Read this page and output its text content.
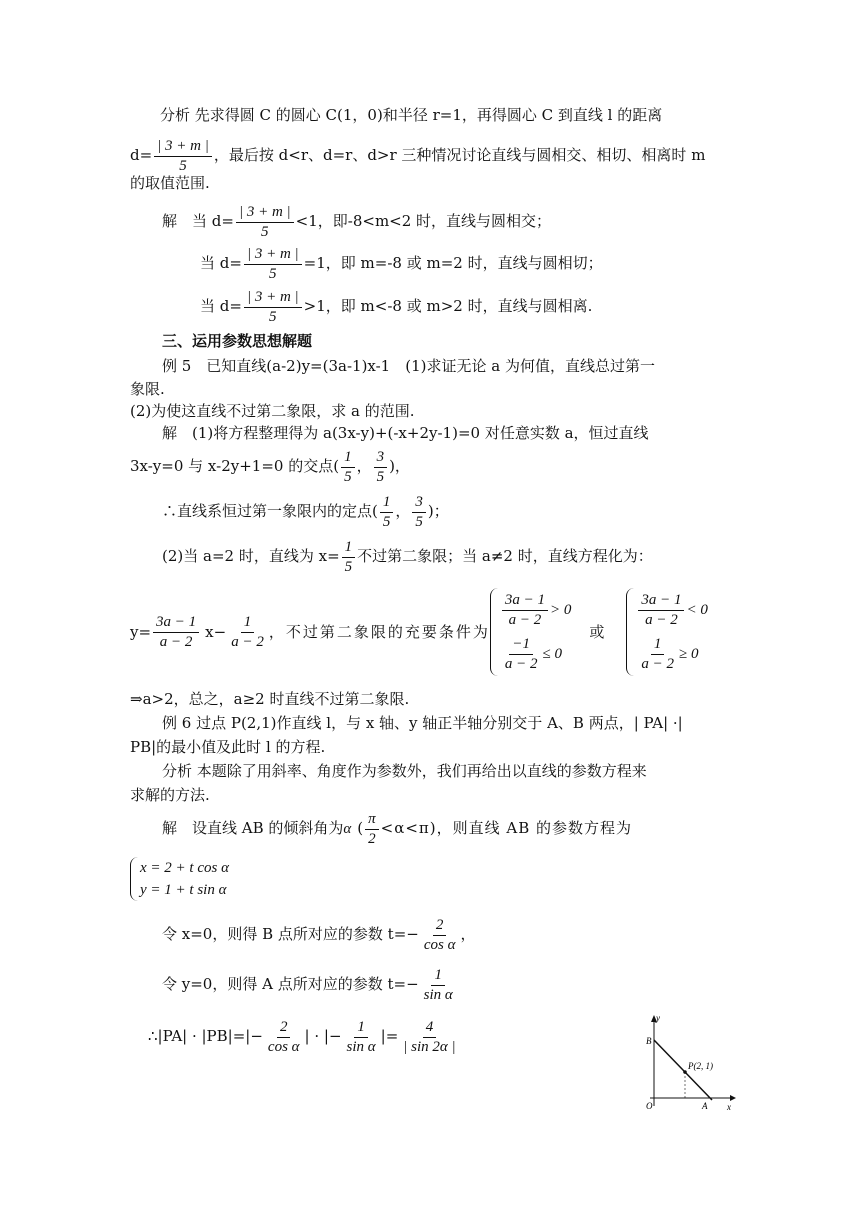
分析 先求得圆 C 的圆心 C(1，0)和半径 r=1，再得圆心 C 到直线 l 的距离
$d= \frac{| 3 + m |}{5}$ ，最后按 d<r、d=r、d>r 三种情况讨论直线与圆相交、相切、相离时 m
的取值范围.
解　当 $d= \frac{| 3 + m |}{5} <1$，即-8<m<2 时，直线与圆相交；
当 $d= \frac{| 3 + m |}{5} =1$，即 m=-8 或 m=2 时，直线与圆相切；
当 $d= \frac{| 3 + m |}{5} >1$，即 m<-8 或 m>2 时，直线与圆相离.
三、运用参数思想解题
例 5　已知直线(a-2)y=(3a-1)x-1　(1)求证无论 a 为何值，直线总过第一
象限.
(2)为使这直线不过第二象限，求 a 的范围.
解　(1)将方程整理得为 a(3x-y)+(-x+2y-1)=0 对任意实数 a，恒过直线
3x-y=0 与 x-2y+1=0 的交点( $\frac{1}{5}$ ， $\frac{3}{5}$ )，
∴直线系恒过第一象限内的定点( $\frac{1}{5}$ ， $\frac{3}{5}$ )；
(2)当 a=2 时，直线为 $x= \frac{1}{5}$ 不过第二象限；当 a≠2 时，直线方程化为：
$y= \frac{3a - 1}{a - 2} x- \frac{1}{a - 2}$ ，不过第二象限的充要条件为
$\frac{3a - 1}{a - 2} > 0$
$\frac{-1}{a - 2} \le 0$
或
$\frac{3a - 1}{a - 2} < 0$
$\frac{1}{a - 2} \ge 0$
⇒a>2，总之，a≥2 时直线不过第二象限.
例 6 过点 P(2,1)作直线 l，与 x 轴、y 轴正半轴分别交于 A、B 两点，| PA| ·|
PB|的最小值及此时 l 的方程.
分析 本题除了用斜率、角度作为参数外，我们再给出以直线的参数方程来
求解的方法.
解　设直线 AB 的倾斜角为α ( $\frac{\pi}{2} <\alpha<\pi$)，则直线 AB 的参数方程为
x = 2 + t cos α
y = 1 + t sin α
令 x=0，则得 B 点所对应的参数 $t=- \frac{2}{\text{cos α}}$ ，
令 y=0，则得 A 点所对应的参数 $t=- \frac{1}{\text{sin α}}$
∴|PA| · $|PB|=|- \frac{2}{\text{cos α}}$ | · |− $\frac{1}{\text{sin α}}$ |= $\frac{4}{| \sin 2\alpha |}$	y
x
O
B
A
P(2, 1)
